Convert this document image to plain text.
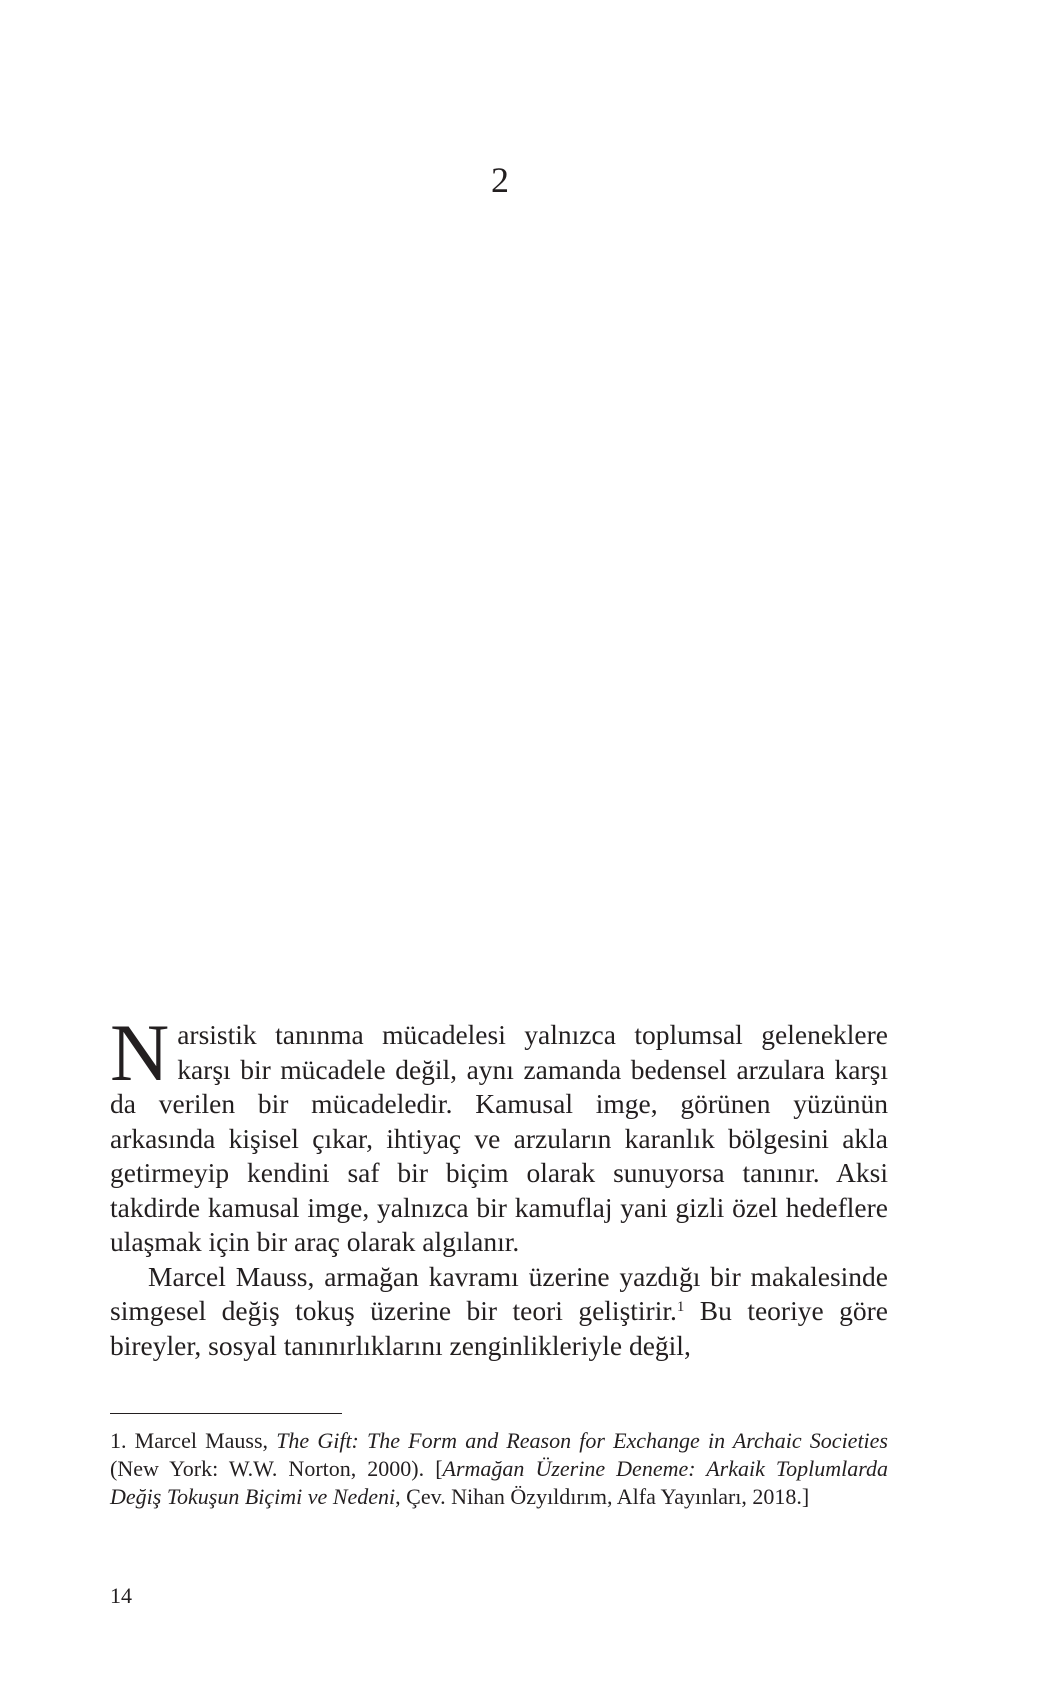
2

Narsistik tanınma mücadelesi yalnızca toplumsal geleneklere karşı bir mücadele değil, aynı zamanda bedensel arzulara karşı da verilen bir mücadeledir. Kamusal imge, görünen yüzünün arkasında kişisel çıkar, ihtiyaç ve arzuların karanlık bölgesini akla getirmeyip kendini saf bir biçim olarak sunuyorsa tanınır. Aksi takdirde kamusal imge, yalnızca bir kamuflaj yani gizli özel hedeflere ulaşmak için bir araç olarak algılanır.

Marcel Mauss, armağan kavramı üzerine yazdığı bir makalesinde simgesel değiş tokuş üzerine bir teori geliştirir.$^1$ Bu teoriye göre bireyler, sosyal tanınırlıklarını zenginlikleriyle değil,

1. Marcel Mauss, The Gift: The Form and Reason for Exchange in Archaic Societies (New York: W.W. Norton, 2000). [Armağan Üzerine Deneme: Arkaik Toplumlarda Değiş Tokuşun Biçimi ve Nedeni, Çev. Nihan Özyıldırım, Alfa Yayınları, 2018.]

14
